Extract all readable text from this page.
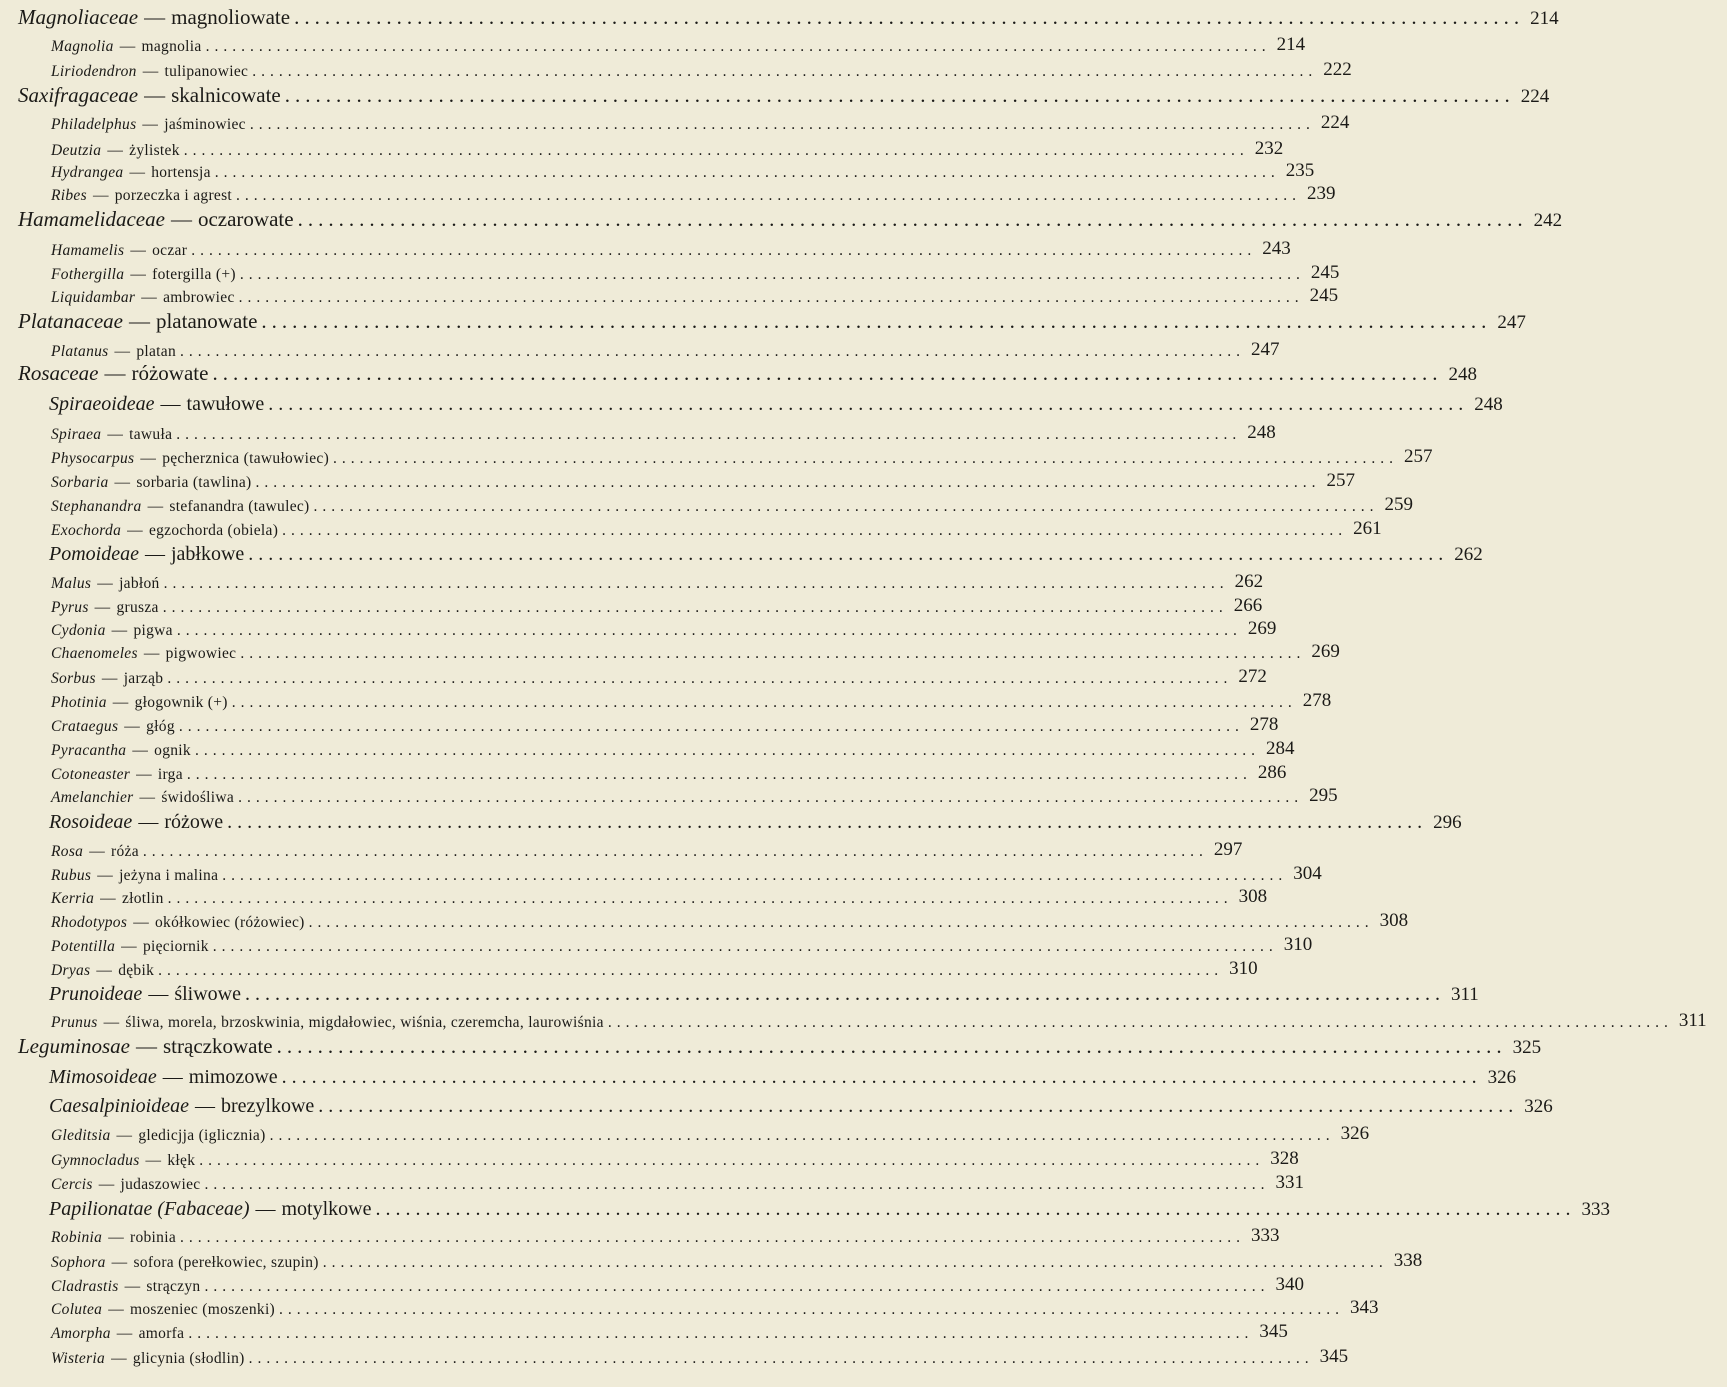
Magnoliaceae — magnoliowate ........................................................................................................................ 214
Magnolia — magnolia ........................................................................................................................ 214
Liriodendron — tulipanowiec ........................................................................................................................ 222
Saxifragaceae — skalnicowate ........................................................................................................................ 224
Philadelphus — jaśminowiec ........................................................................................................................ 224
Deutzia — żylistek ........................................................................................................................ 232
Hydrangea — hortensja ........................................................................................................................ 235
Ribes — porzeczka i agrest ........................................................................................................................ 239
Hamamelidaceae — oczarowate ........................................................................................................................ 242
Hamamelis — oczar ........................................................................................................................ 243
Fothergilla — fotergilla (+) ........................................................................................................................ 245
Liquidambar — ambrowiec ........................................................................................................................ 245
Platanaceae — platanowate ........................................................................................................................ 247
Platanus — platan ........................................................................................................................ 247
Rosaceae — różowate ........................................................................................................................ 248
Spiraeoideae — tawułowe ........................................................................................................................ 248
Spiraea — tawuła ........................................................................................................................ 248
Physocarpus — pęcherznica (tawułowiec) ........................................................................................................................ 257
Sorbaria — sorbaria (tawlina) ........................................................................................................................ 257
Stephanandra — stefanandra (tawulec) ........................................................................................................................ 259
Exochorda — egzochorda (obiela) ........................................................................................................................ 261
Pomoideae — jabłkowe ........................................................................................................................ 262
Malus — jabłoń ........................................................................................................................ 262
Pyrus — grusza ........................................................................................................................ 266
Cydonia — pigwa ........................................................................................................................ 269
Chaenomeles — pigwowiec ........................................................................................................................ 269
Sorbus — jarząb ........................................................................................................................ 272
Photinia — głogownik (+) ........................................................................................................................ 278
Crataegus — głóg ........................................................................................................................ 278
Pyracantha — ognik ........................................................................................................................ 284
Cotoneaster — irga ........................................................................................................................ 286
Amelanchier — świdośliwa ........................................................................................................................ 295
Rosoideae — różowe ........................................................................................................................ 296
Rosa — róża ........................................................................................................................ 297
Rubus — jeżyna i malina ........................................................................................................................ 304
Kerria — złotlin ........................................................................................................................ 308
Rhodotypos — okółkowiec (różowiec) ........................................................................................................................ 308
Potentilla — pięciornik ........................................................................................................................ 310
Dryas — dębik ........................................................................................................................ 310
Prunoideae — śliwowe ........................................................................................................................ 311
Prunus — śliwa, morela, brzoskwinia, migdałowiec, wiśnia, czeremcha, laurowiśnia ........................................................................................................................ 311
Leguminosae — strączkowate ........................................................................................................................ 325
Mimosoideae — mimozowe ........................................................................................................................ 326
Caesalpinioideae — brezylkowe ........................................................................................................................ 326
Gleditsia — gledicjja (iglicznia) ........................................................................................................................ 326
Gymnocladus — kłęk ........................................................................................................................ 328
Cercis — judaszowiec ........................................................................................................................ 331
Papilionatae (Fabaceae) — motylkowe ........................................................................................................................ 333
Robinia — robinia ........................................................................................................................ 333
Sophora — sofora (perełkowiec, szupin) ........................................................................................................................ 338
Cladrastis — strączyn ........................................................................................................................ 340
Colutea — moszeniec (moszenki) ........................................................................................................................ 343
Amorpha — amorfa ........................................................................................................................ 345
Wisteria — glicynia (słodlin) ........................................................................................................................ 345
